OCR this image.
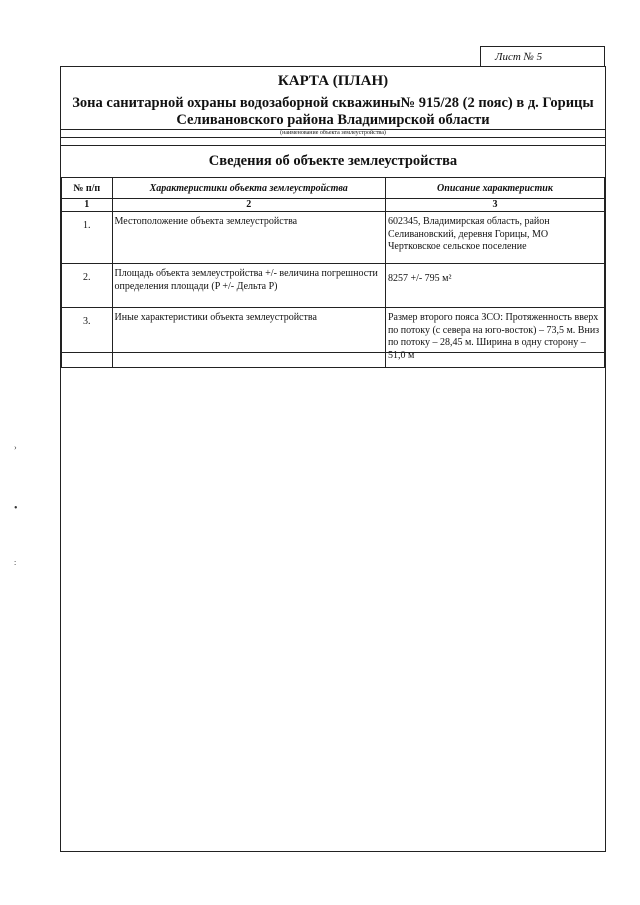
Лист № 5
КАРТА (ПЛАН)
Зона санитарной охраны водозаборной скважины№ 915/28 (2 пояс) в д. Горицы Селивановского района Владимирской области
(наименование объекта землеустройства)
Сведения об объекте землеустройства
№ п/п	Характеристики объекта землеустройства	Описание характеристик
1	2	3
1.	Местоположение объекта землеустройства	602345, Владимирская область, район Селивановский, деревня Горицы, МО Чертковское сельское поселение
2.	Площадь объекта землеустройства +/- величина погрешности определения площади (P +/- Дельта P)	8257 +/- 795 м²
3.	Иные характеристики объекта землеустройства	Размер второго пояса ЗСО: Протяженность вверх по потоку (с севера на юго-восток) – 73,5 м. Вниз по потоку – 28,45 м. Ширина в одну сторону – 51,0 м
›
•
:
